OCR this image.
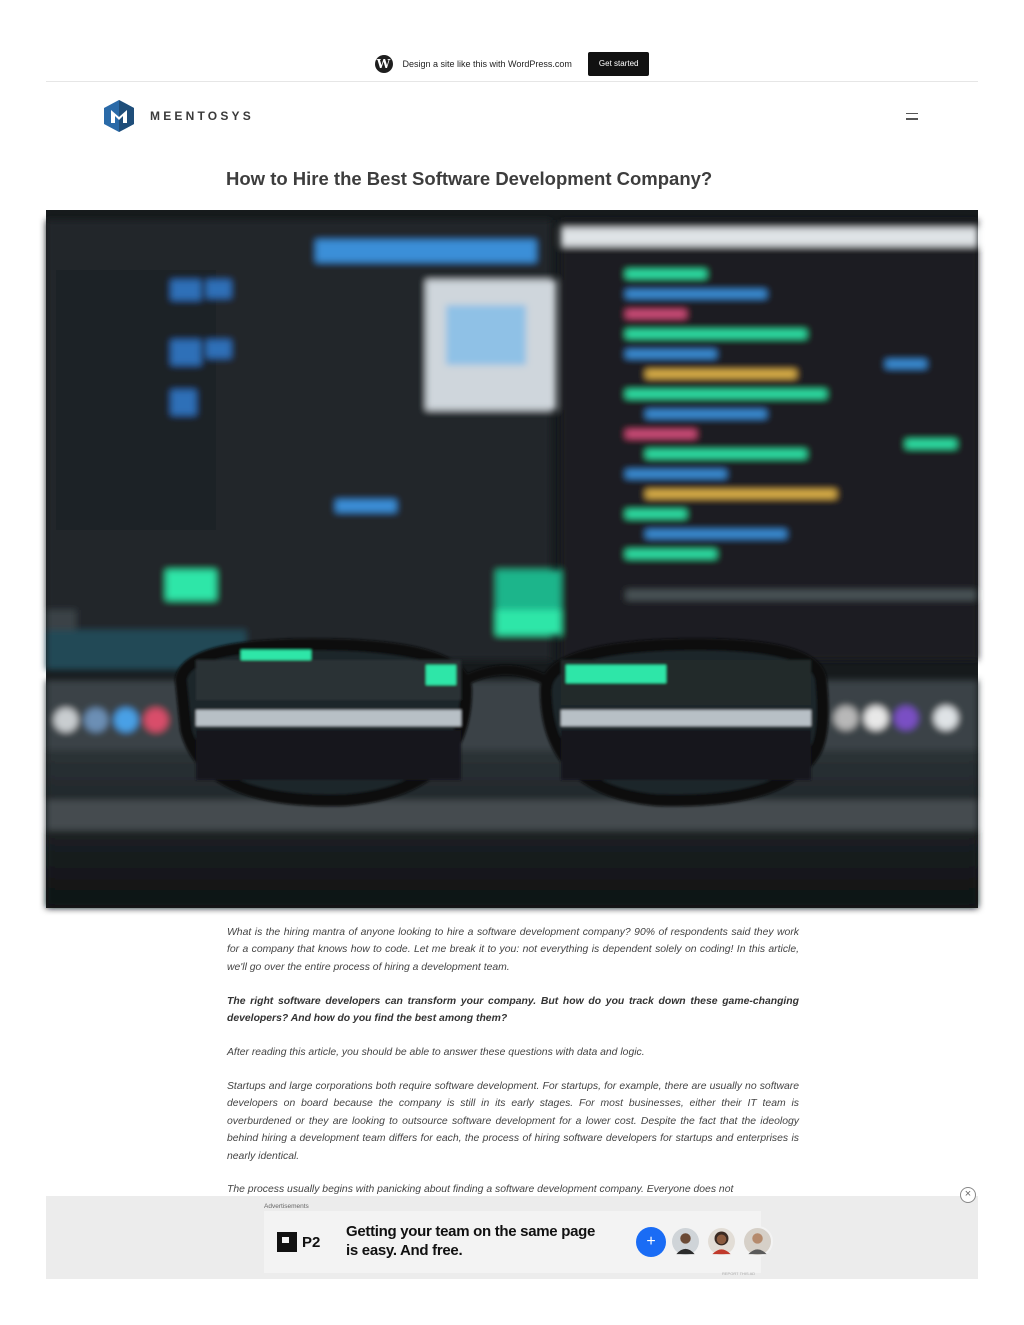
W Design a site like this with WordPress.com	Get started
MEENTOSYS
How to Hire the Best Software Development Company?

What is the hiring mantra of anyone looking to hire a software development company? 90% of respondents said they work for a company that knows how to code. Let me break it to you: not everything is dependent solely on coding! In this article, we'll go over the entire process of hiring a development team.

The right software developers can transform your company. But how do you track down these game-changing developers? And how do you find the best among them?

After reading this article, you should be able to answer these questions with data and logic.

Startups and large corporations both require software development. For startups, for example, there are usually no software developers on board because the company is still in its early stages. For most businesses, either their IT team is overburdened or they are looking to outsource software development for a lower cost. Despite the fact that the ideology behind hiring a development team differs for each, the process of hiring software developers for startups and enterprises is nearly identical.

The process usually begins with panicking about finding a software development company. Everyone does not	×
Advertisements
P2
Getting your team on the same page is easy. And free.
+
REPORT THIS AD
